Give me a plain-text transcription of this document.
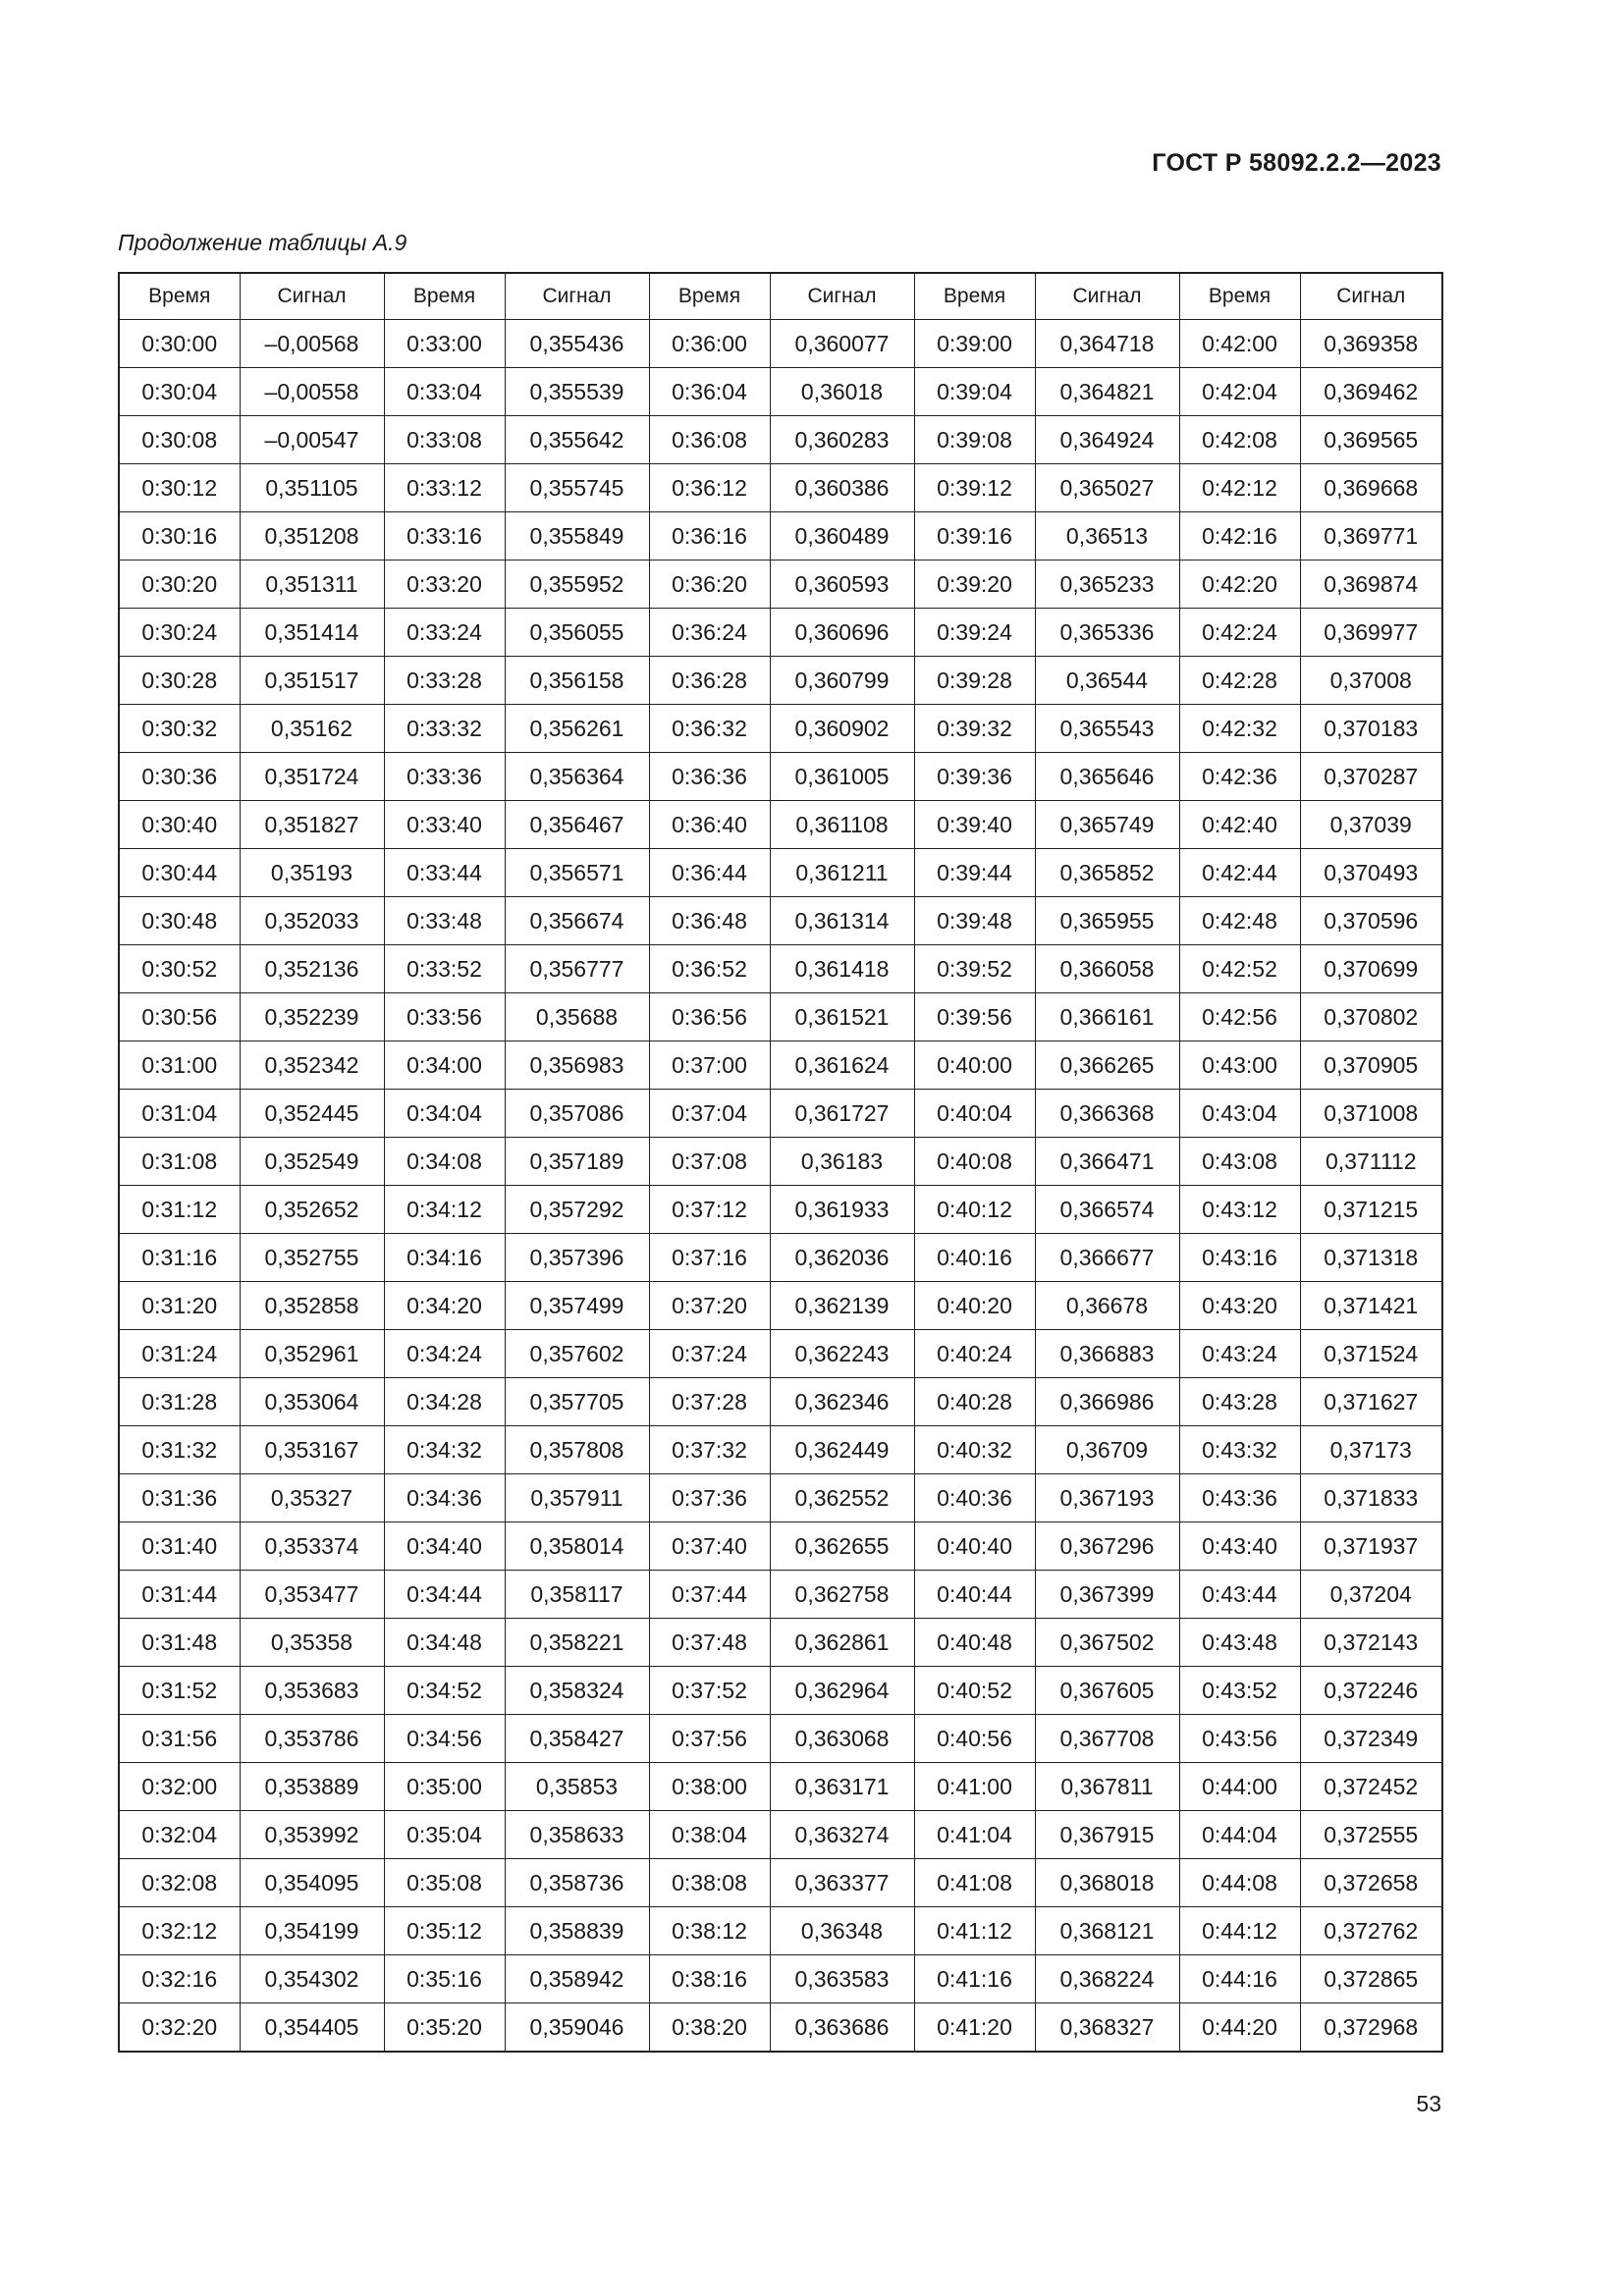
ГОСТ Р 58092.2.2—2023
Продолжение таблицы А.9
Время	Сигнал	Время	Сигнал	Время	Сигнал	Время	Сигнал	Время	Сигнал
0:30:00	–0,00568	0:33:00	0,355436	0:36:00	0,360077	0:39:00	0,364718	0:42:00	0,369358
0:30:04	–0,00558	0:33:04	0,355539	0:36:04	0,36018	0:39:04	0,364821	0:42:04	0,369462
0:30:08	–0,00547	0:33:08	0,355642	0:36:08	0,360283	0:39:08	0,364924	0:42:08	0,369565
0:30:12	0,351105	0:33:12	0,355745	0:36:12	0,360386	0:39:12	0,365027	0:42:12	0,369668
0:30:16	0,351208	0:33:16	0,355849	0:36:16	0,360489	0:39:16	0,36513	0:42:16	0,369771
0:30:20	0,351311	0:33:20	0,355952	0:36:20	0,360593	0:39:20	0,365233	0:42:20	0,369874
0:30:24	0,351414	0:33:24	0,356055	0:36:24	0,360696	0:39:24	0,365336	0:42:24	0,369977
0:30:28	0,351517	0:33:28	0,356158	0:36:28	0,360799	0:39:28	0,36544	0:42:28	0,37008
0:30:32	0,35162	0:33:32	0,356261	0:36:32	0,360902	0:39:32	0,365543	0:42:32	0,370183
0:30:36	0,351724	0:33:36	0,356364	0:36:36	0,361005	0:39:36	0,365646	0:42:36	0,370287
0:30:40	0,351827	0:33:40	0,356467	0:36:40	0,361108	0:39:40	0,365749	0:42:40	0,37039
0:30:44	0,35193	0:33:44	0,356571	0:36:44	0,361211	0:39:44	0,365852	0:42:44	0,370493
0:30:48	0,352033	0:33:48	0,356674	0:36:48	0,361314	0:39:48	0,365955	0:42:48	0,370596
0:30:52	0,352136	0:33:52	0,356777	0:36:52	0,361418	0:39:52	0,366058	0:42:52	0,370699
0:30:56	0,352239	0:33:56	0,35688	0:36:56	0,361521	0:39:56	0,366161	0:42:56	0,370802
0:31:00	0,352342	0:34:00	0,356983	0:37:00	0,361624	0:40:00	0,366265	0:43:00	0,370905
0:31:04	0,352445	0:34:04	0,357086	0:37:04	0,361727	0:40:04	0,366368	0:43:04	0,371008
0:31:08	0,352549	0:34:08	0,357189	0:37:08	0,36183	0:40:08	0,366471	0:43:08	0,371112
0:31:12	0,352652	0:34:12	0,357292	0:37:12	0,361933	0:40:12	0,366574	0:43:12	0,371215
0:31:16	0,352755	0:34:16	0,357396	0:37:16	0,362036	0:40:16	0,366677	0:43:16	0,371318
0:31:20	0,352858	0:34:20	0,357499	0:37:20	0,362139	0:40:20	0,36678	0:43:20	0,371421
0:31:24	0,352961	0:34:24	0,357602	0:37:24	0,362243	0:40:24	0,366883	0:43:24	0,371524
0:31:28	0,353064	0:34:28	0,357705	0:37:28	0,362346	0:40:28	0,366986	0:43:28	0,371627
0:31:32	0,353167	0:34:32	0,357808	0:37:32	0,362449	0:40:32	0,36709	0:43:32	0,37173
0:31:36	0,35327	0:34:36	0,357911	0:37:36	0,362552	0:40:36	0,367193	0:43:36	0,371833
0:31:40	0,353374	0:34:40	0,358014	0:37:40	0,362655	0:40:40	0,367296	0:43:40	0,371937
0:31:44	0,353477	0:34:44	0,358117	0:37:44	0,362758	0:40:44	0,367399	0:43:44	0,37204
0:31:48	0,35358	0:34:48	0,358221	0:37:48	0,362861	0:40:48	0,367502	0:43:48	0,372143
0:31:52	0,353683	0:34:52	0,358324	0:37:52	0,362964	0:40:52	0,367605	0:43:52	0,372246
0:31:56	0,353786	0:34:56	0,358427	0:37:56	0,363068	0:40:56	0,367708	0:43:56	0,372349
0:32:00	0,353889	0:35:00	0,35853	0:38:00	0,363171	0:41:00	0,367811	0:44:00	0,372452
0:32:04	0,353992	0:35:04	0,358633	0:38:04	0,363274	0:41:04	0,367915	0:44:04	0,372555
0:32:08	0,354095	0:35:08	0,358736	0:38:08	0,363377	0:41:08	0,368018	0:44:08	0,372658
0:32:12	0,354199	0:35:12	0,358839	0:38:12	0,36348	0:41:12	0,368121	0:44:12	0,372762
0:32:16	0,354302	0:35:16	0,358942	0:38:16	0,363583	0:41:16	0,368224	0:44:16	0,372865
0:32:20	0,354405	0:35:20	0,359046	0:38:20	0,363686	0:41:20	0,368327	0:44:20	0,372968
53
